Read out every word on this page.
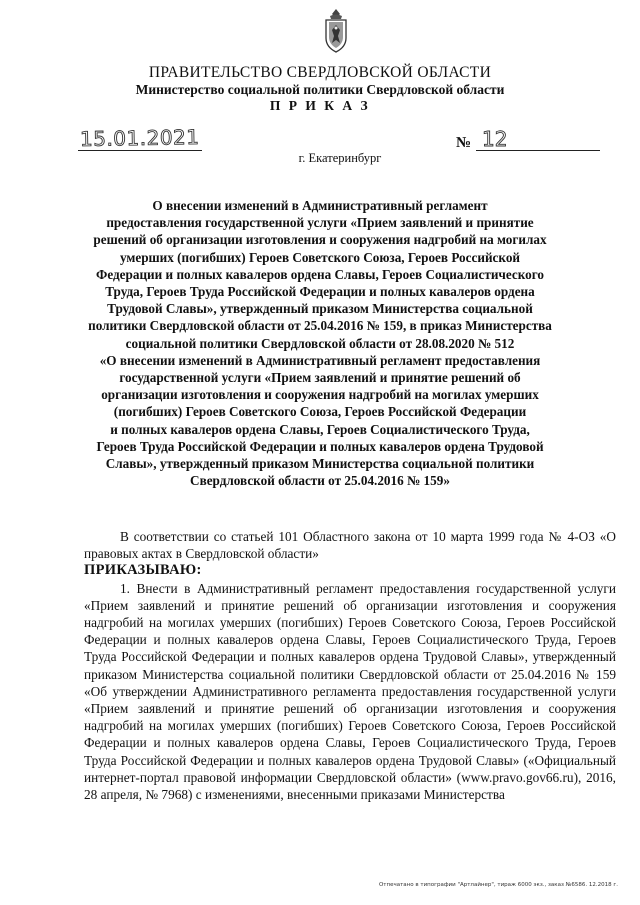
ПРАВИТЕЛЬСТВО СВЕРДЛОВСКОЙ ОБЛАСТИ
Министерство социальной политики Свердловской области
П Р И К А З
15.01.2021	№ 12
г. Екатеринбург
О внесении изменений в Административный регламент
предоставления государственной услуги «Прием заявлений и принятие
решений об организации изготовления и сооружения надгробий на могилах
умерших (погибших) Героев Советского Союза, Героев Российской
Федерации и полных кавалеров ордена Славы, Героев Социалистического
Труда, Героев Труда Российской Федерации и полных кавалеров ордена
Трудовой Славы», утвержденный приказом Министерства социальной
политики Свердловской области от 25.04.2016 № 159, в приказ Министерства
социальной политики Свердловской области от 28.08.2020 № 512
«О внесении изменений в Административный регламент предоставления
государственной услуги «Прием заявлений и принятие решений об
организации изготовления и сооружения надгробий на могилах умерших
(погибших) Героев Советского Союза, Героев Российской Федерации
и полных кавалеров ордена Славы, Героев Социалистического Труда,
Героев Труда Российской Федерации и полных кавалеров ордена Трудовой
Славы», утвержденный приказом Министерства социальной политики
Свердловской области от 25.04.2016 № 159»

В соответствии со статьей 101 Областного закона от 10 марта 1999 года № 4-ОЗ «О правовых актах в Свердловской области»

ПРИКАЗЫВАЮ:

1. Внести в Административный регламент предоставления государственной услуги «Прием заявлений и принятие решений об организации изготовления и сооружения надгробий на могилах умерших (погибших) Героев Советского Союза, Героев Российской Федерации и полных кавалеров ордена Славы, Героев Социалистического Труда, Героев Труда Российской Федерации и полных кавалеров ордена Трудовой Славы», утвержденный приказом Министерства социальной политики Свердловской области от 25.04.2016 № 159 «Об утверждении Административного регламента предоставления государственной услуги «Прием заявлений и принятие решений об организации изготовления и сооружения надгробий на могилах умерших (погибших) Героев Советского Союза, Героев Российской Федерации и полных кавалеров ордена Славы, Героев Социалистического Труда, Героев Труда Российской Федерации и полных кавалеров ордена Трудовой Славы» («Официальный интернет-портал правовой информации Свердловской области» (www.pravo.gov66.ru), 2016, 28 апреля, № 7968) с изменениями, внесенными приказами Министерства

Отпечатано в типографии "Артлайнер", тираж 6000 экз., заказ №6586. 12.2018 г.
